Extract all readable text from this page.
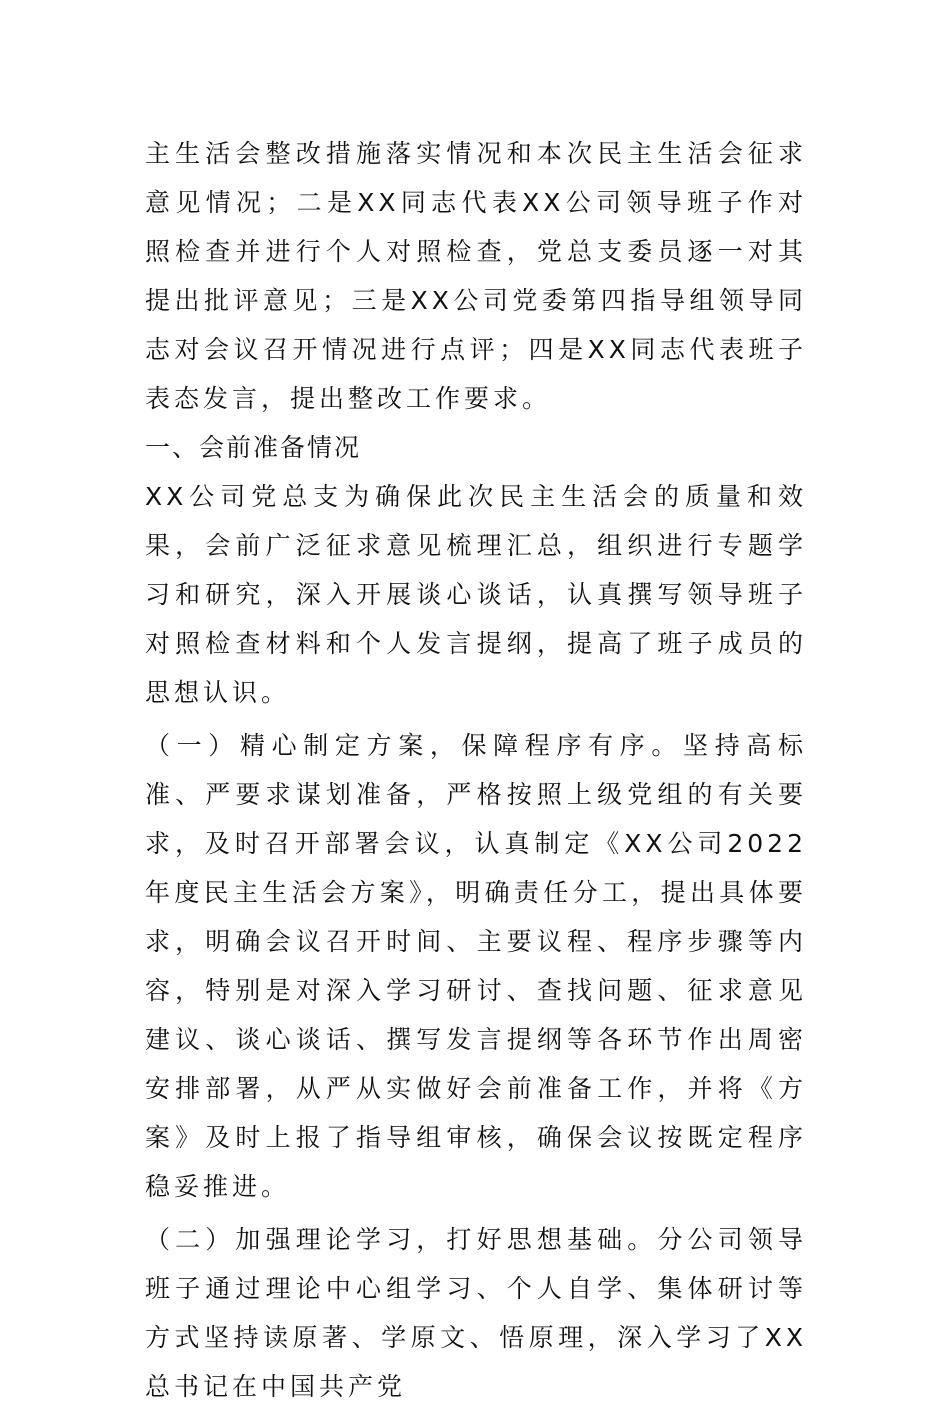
主生活会整改措施落实情况和本次民主生活会征求意见情况；二是XX同志代表XX公司领导班子作对照检查并进行个人对照检查，党总支委员逐一对其提出批评意见；三是XX公司党委第四指导组领导同志对会议召开情况进行点评；四是XX同志代表班子表态发言，提出整改工作要求。

一、会前准备情况

XX公司党总支为确保此次民主生活会的质量和效果，会前广泛征求意见梳理汇总，组织进行专题学习和研究，深入开展谈心谈话，认真撰写领导班子对照检查材料和个人发言提纲，提高了班子成员的思想认识。

（一）精心制定方案，保障程序有序。坚持高标准、严要求谋划准备，严格按照上级党组的有关要求，及时召开部署会议，认真制定《XX公司2022年度民主生活会方案》，明确责任分工，提出具体要求，明确会议召开时间、主要议程、程序步骤等内容，特别是对深入学习研讨、查找问题、征求意见建议、谈心谈话、撰写发言提纲等各环节作出周密安排部署，从严从实做好会前准备工作，并将《方案》及时上报了指导组审核，确保会议按既定程序稳妥推进。

（二）加强理论学习，打好思想基础。分公司领导班子通过理论中心组学习、个人自学、集体研讨等方式坚持读原著、学原文、悟原理，深入学习了XX总书记在中国共产党
